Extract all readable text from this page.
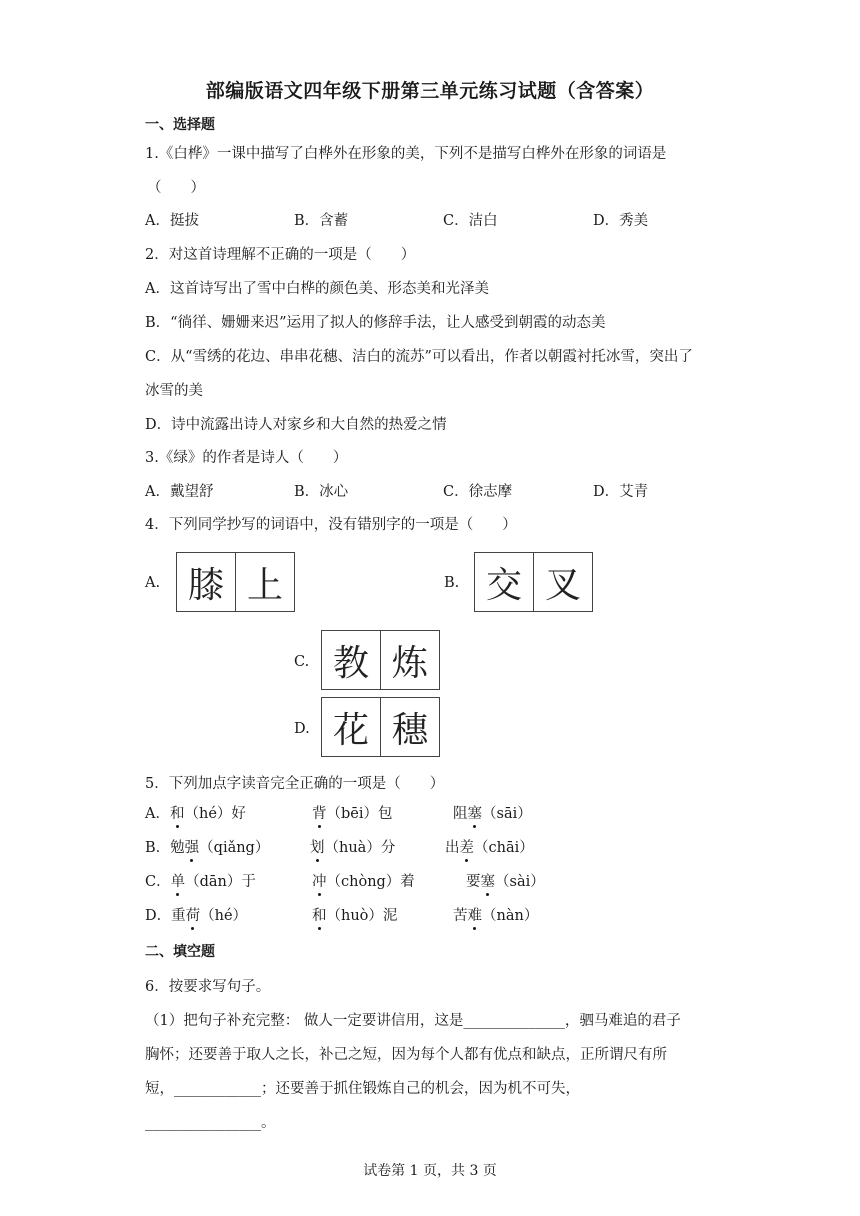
部编版语文四年级下册第三单元练习试题（含答案）
一、选择题
1.《白桦》一课中描写了白桦外在形象的美，下列不是描写白桦外在形象的词语是
（　　）
A．挺拔	B．含蓄	C．洁白	D．秀美
2．对这首诗理解不正确的一项是（　　）
A．这首诗写出了雪中白桦的颜色美、形态美和光泽美
B．“徜徉、姗姗来迟”运用了拟人的修辞手法，让人感受到朝霞的动态美
C．从“雪绣的花边、串串花穗、洁白的流苏”可以看出，作者以朝霞衬托冰雪，突出了
冰雪的美
D．诗中流露出诗人对家乡和大自然的热爱之情
3.《绿》的作者是诗人（　　）
A．戴望舒	B．冰心	C．徐志摩	D．艾青
4．下列同学抄写的词语中，没有错别字的一项是（　　）
A. 膝 上	B. 交 叉
C. 教 炼
D. 花 穗
5．下列加点字读音完全正确的一项是（　　）
A．和（hé）好	背（bēi）包	阻塞（sāi）
B．勉强（qiǎng）	划（huà）分	出差（chāi）
C．单（dān）于	冲（chòng）着	要塞（sài）
D．重荷（hé）	和（huò）泥	苦难（nàn）
二、填空题
6．按要求写句子。
（1）把句子补充完整： 做人一定要讲信用，这是______________，驷马难追的君子
胸怀；还要善于取人之长，补己之短，因为每个人都有优点和缺点，正所谓尺有所
短，____________；还要善于抓住锻炼自己的机会，因为机不可失，
________________。
试卷第 1 页，共 3 页
